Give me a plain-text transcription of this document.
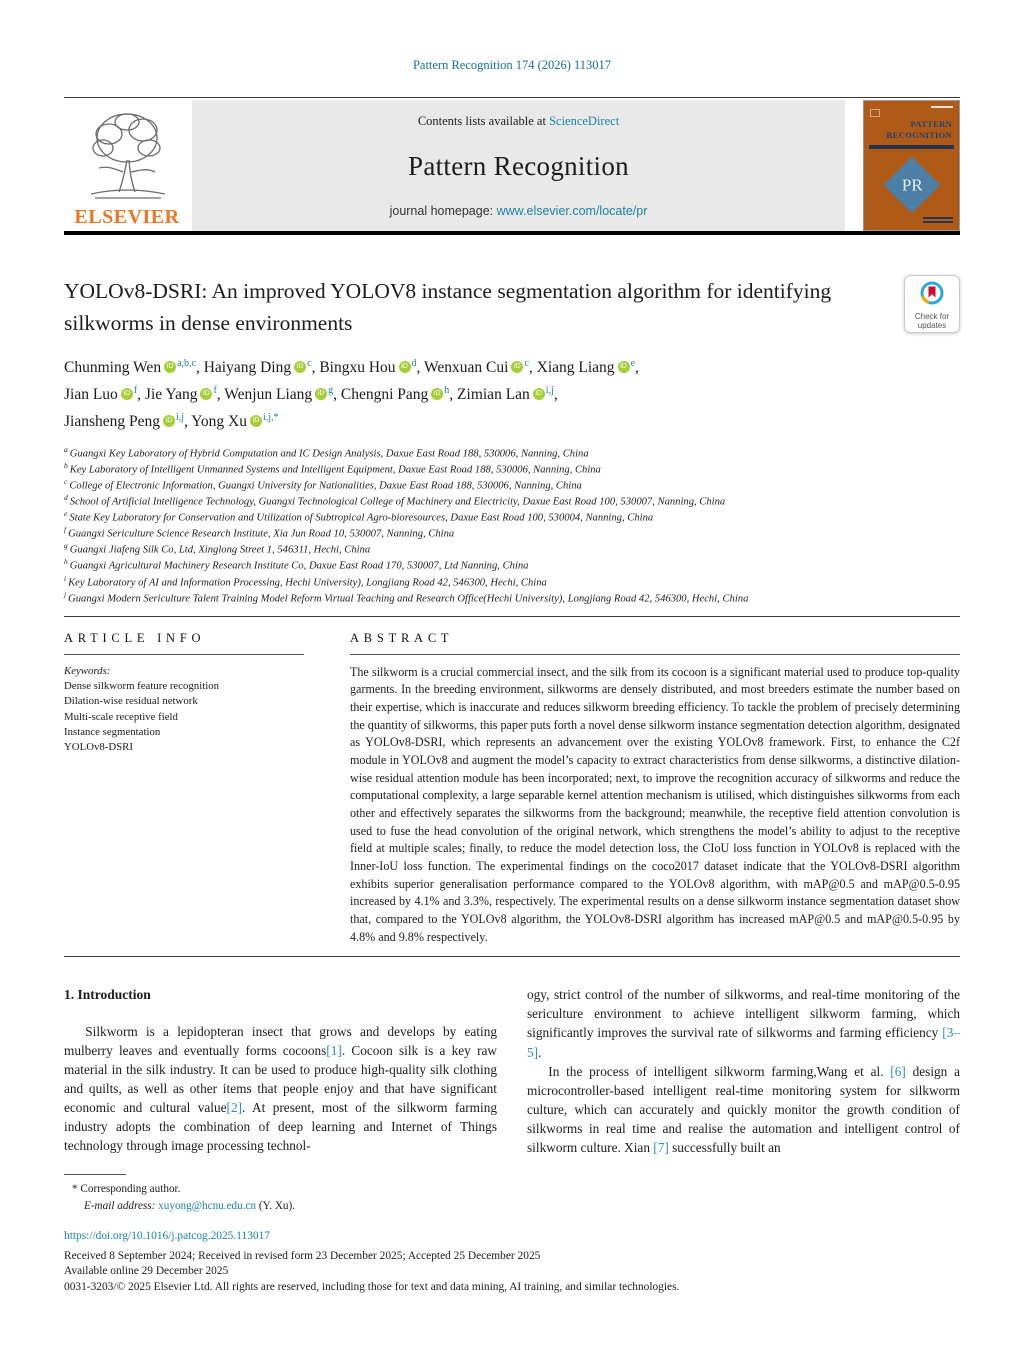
Pattern Recognition 174 (2026) 113017
ELSEVIER
Contents lists available at ScienceDirect
Pattern Recognition
journal homepage: www.elsevier.com/locate/pr
PATTERN
RECOGNITION
PR
YOLOv8-DSRI: An improved YOLOV8 instance segmentation algorithm for identifying silkworms in dense environments	Check for
updates
Chunming Wen iD $^{a,b,c}$, Haiyang Ding iD $^c$, Bingxu Hou iD $^d$, Wenxuan Cui iD $^c$, Xiang Liang iD $^e$,
Jian Luo iD $^f$, Jie Yang iD $^f$, Wenjun Liang iD $^g$, Chengni Pang iD $^h$, Zimian Lan iD $^{i,j}$,
Jiansheng Peng iD $^{i,j}$, Yong Xu iD $^{i,j,*}$
$^a$ Guangxi Key Laboratory of Hybrid Computation and IC Design Analysis, Daxue East Road 188, 530006, Nanning, China
$^b$ Key Laboratory of Intelligent Unmanned Systems and Intelligent Equipment, Daxue East Road 188, 530006, Nanning, China
$^c$ College of Electronic Information, Guangxi University for Nationalities, Daxue East Road 188, 530006, Nanning, China
$^d$ School of Artificial Intelligence Technology, Guangxi Technological College of Machinery and Electricity, Daxue East Road 100, 530007, Nanning, China
$^e$ State Key Laboratory for Conservation and Utilization of Subtropical Agro-bioresources, Daxue East Road 100, 530004, Nanning, China
$^f$ Guangxi Sericulture Science Research Institute, Xia Jun Road 10, 530007, Nanning, China
$^g$ Guangxi Jiafeng Silk Co, Ltd, Xinglong Street 1, 546311, Hechi, China
$^h$ Guangxi Agricultural Machinery Research Institute Co, Daxue East Road 170, 530007, Ltd Nanning, China
$^i$ Key Laboratory of AI and Information Processing, Hechi University), Longjiang Road 42, 546300, Hechi, China
$^j$ Guangxi Modern Sericulture Talent Training Model Reform Virtual Teaching and Research Office(Hechi University), Longjiang Road 42, 546300, Hechi, China
ARTICLE INFO
Keywords:
Dense silkworm feature recognition
Dilation-wise residual network
Multi-scale receptive field
Instance segmentation
YOLOv8-DSRI
ABSTRACT
The silkworm is a crucial commercial insect, and the silk from its cocoon is a significant material used to produce top-quality garments. In the breeding environment, silkworms are densely distributed, and most breeders estimate the number based on their expertise, which is inaccurate and reduces silkworm breeding efficiency. To tackle the problem of precisely determining the quantity of silkworms, this paper puts forth a novel dense silkworm instance segmentation detection algorithm, designated as YOLOv8-DSRI, which represents an advancement over the existing YOLOv8 framework. First, to enhance the C2f module in YOLOv8 and augment the model’s capacity to extract characteristics from dense silkworms, a distinctive dilation-wise residual attention module has been incorporated; next, to improve the recognition accuracy of silkworms and reduce the computational complexity, a large separable kernel attention mechanism is utilised, which distinguishes silkworms from each other and effectively separates the silkworms from the background; meanwhile, the receptive field attention convolution is used to fuse the head convolution of the original network, which strengthens the model’s ability to adjust to the receptive field at multiple scales; finally, to reduce the model detection loss, the CIoU loss function in YOLOv8 is replaced with the Inner-IoU loss function. The experimental findings on the coco2017 dataset indicate that the YOLOv8-DSRI algorithm exhibits superior generalisation performance compared to the YOLOv8 algorithm, with mAP@0.5 and mAP@0.5-0.95 increased by 4.1% and 3.3%, respectively. The experimental results on a dense silkworm instance segmentation dataset show that, compared to the YOLOv8 algorithm, the YOLOv8-DSRI algorithm has increased mAP@0.5 and mAP@0.5-0.95 by 4.8% and 9.8% respectively.
1. Introduction
Silkworm is a lepidopteran insect that grows and develops by eating mulberry leaves and eventually forms cocoons[1]. Cocoon silk is a key raw material in the silk industry. It can be used to produce high-quality silk clothing and quilts, as well as other items that people enjoy and that have significant economic and cultural value[2]. At present, most of the silkworm farming industry adopts the combination of deep learning and Internet of Things technology through image processing technol-
ogy, strict control of the number of silkworms, and real-time monitoring of the sericulture environment to achieve intelligent silkworm farming, which significantly improves the survival rate of silkworms and farming efficiency [3–5].
In the process of intelligent silkworm farming,Wang et al. [6] design a microcontroller-based intelligent real-time monitoring system for silkworm culture, which can accurately and quickly monitor the growth condition of silkworms in real time and realise the automation and intelligent control of silkworm culture. Xian [7] successfully built an
* Corresponding author.
E-mail address: xuyong@hcnu.edu.cn (Y. Xu).
https://doi.org/10.1016/j.patcog.2025.113017
Received 8 September 2024; Received in revised form 23 December 2025; Accepted 25 December 2025
Available online 29 December 2025
0031-3203/© 2025 Elsevier Ltd. All rights are reserved, including those for text and data mining, AI training, and similar technologies.
